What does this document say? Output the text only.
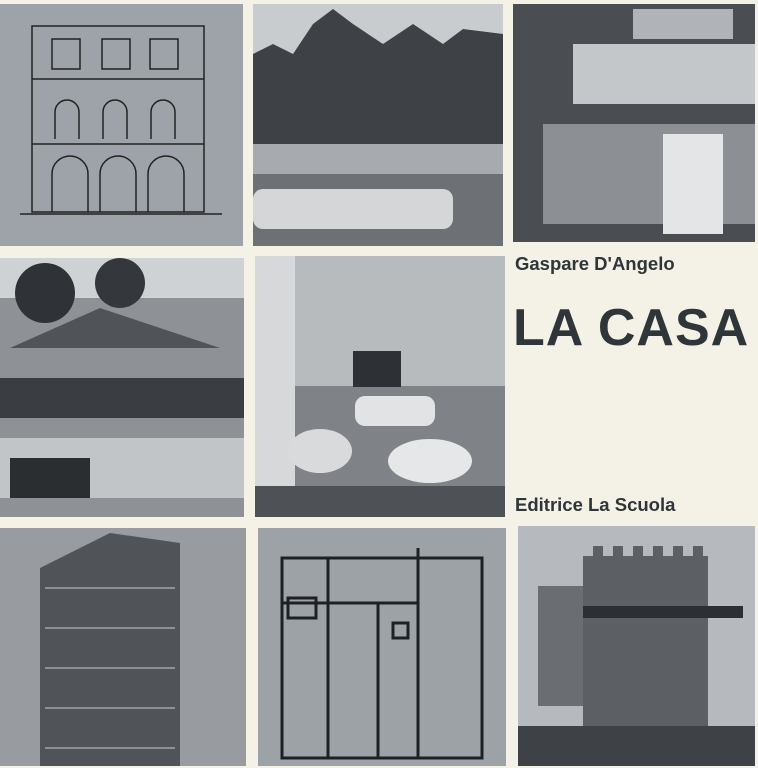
Gaspare D'Angelo
LA CASA
Editrice La Scuola
